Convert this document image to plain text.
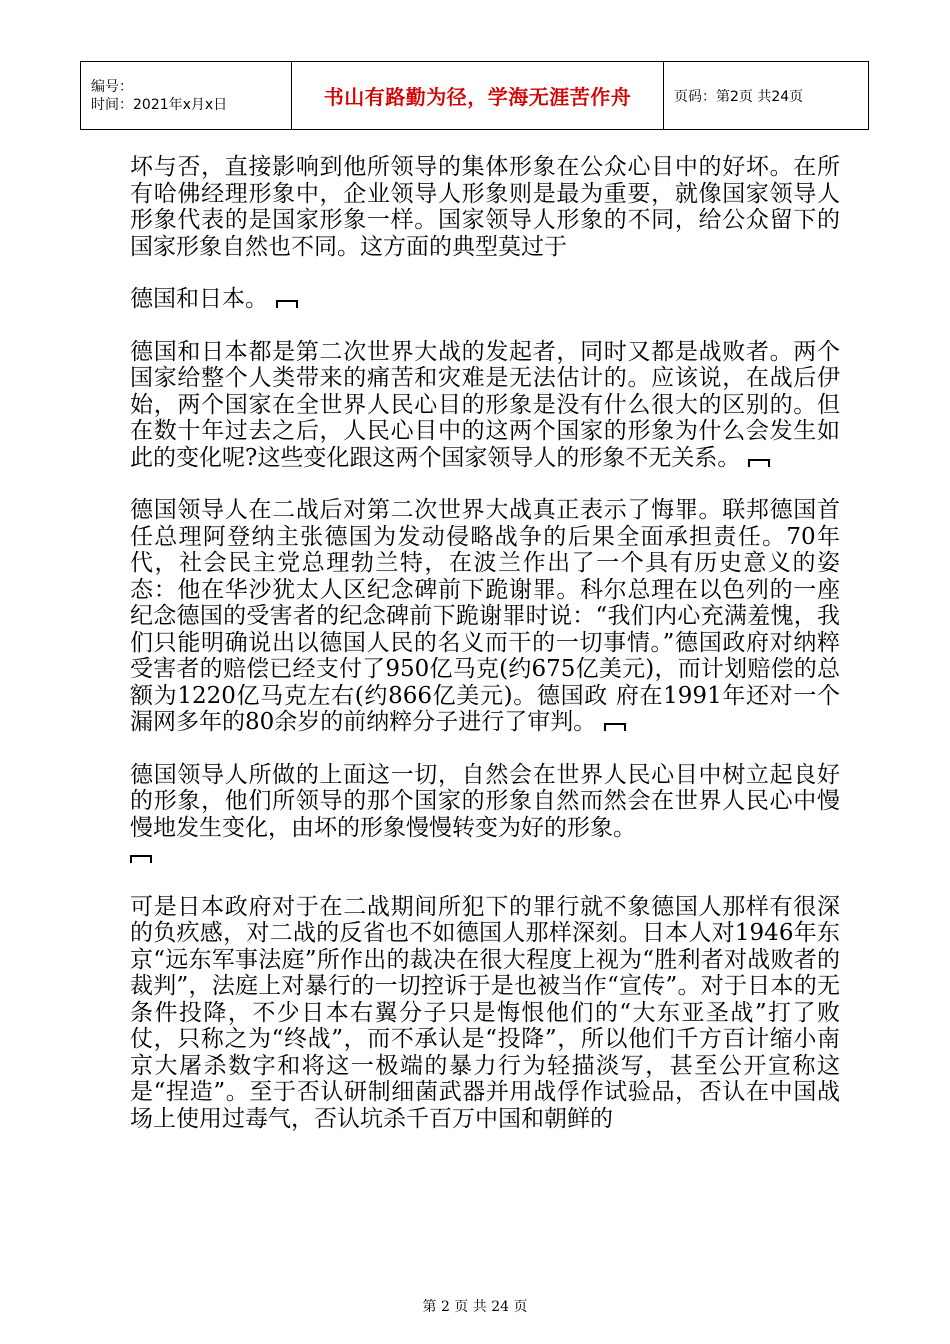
编号：
时间：2021年x月x日	书山有路勤为径，学海无涯苦作舟	页码：第2页 共24页

坏与否，直接影响到他所领导的集体形象在公众心目中的好坏。在所有哈佛经理形象中，企业领导人形象则是最为重要，就像国家领导人形象代表的是国家形象一样。国家领导人形象的不同，给公众留下的国家形象自然也不同。这方面的典型莫过于

德国和日本。

德国和日本都是第二次世界大战的发起者，同时又都是战败者。两个国家给整个人类带来的痛苦和灾难是无法估计的。应该说，在战后伊始，两个国家在全世界人民心目的形象是没有什么很大的区别的。但在数十年过去之后，人民心目中的这两个国家的形象为什么会发生如此的变化呢?这些变化跟这两个国家领导人的形象不无关系。

德国领导人在二战后对第二次世界大战真正表示了悔罪。联邦德国首任总理阿登纳主张德国为发动侵略战争的后果全面承担责任。70年代，社会民主党总理勃兰特，在波兰作出了一个具有历史意义的姿态：他在华沙犹太人区纪念碑前下跪谢罪。科尔总理在以色列的一座纪念德国的受害者的纪念碑前下跪谢罪时说：“我们内心充满羞愧，我们只能明确说出以德国人民的名义而干的一切事情。”德国政府对纳粹受害者的赔偿已经支付了950亿马克(约675亿美元)，而计划赔偿的总额为1220亿马克左右(约866亿美元)。德国政 府在1991年还对一个漏网多年的80余岁的前纳粹分子进行了审判。

德国领导人所做的上面这一切，自然会在世界人民心目中树立起良好的形象，他们所领导的那个国家的形象自然而然会在世界人民心中慢慢地发生变化，由坏的形象慢慢转变为好的形象。

可是日本政府对于在二战期间所犯下的罪行就不象德国人那样有很深的负疚感，对二战的反省也不如德国人那样深刻。日本人对1946年东京“远东军事法庭”所作出的裁决在很大程度上视为“胜利者对战败者的裁判”，法庭上对暴行的一切控诉于是也被当作“宣传”。对于日本的无条件投降，不少日本右翼分子只是悔恨他们的“大东亚圣战”打了败仗，只称之为“终战”，而不承认是“投降”，所以他们千方百计缩小南京大屠杀数字和将这一极端的暴力行为轻描淡写，甚至公开宣称这是“捏造”。至于否认研制细菌武器并用战俘作试验品，否认在中国战 场上使用过毒气，否认坑杀千百万中国和朝鲜的

第 2 页 共 24 页
